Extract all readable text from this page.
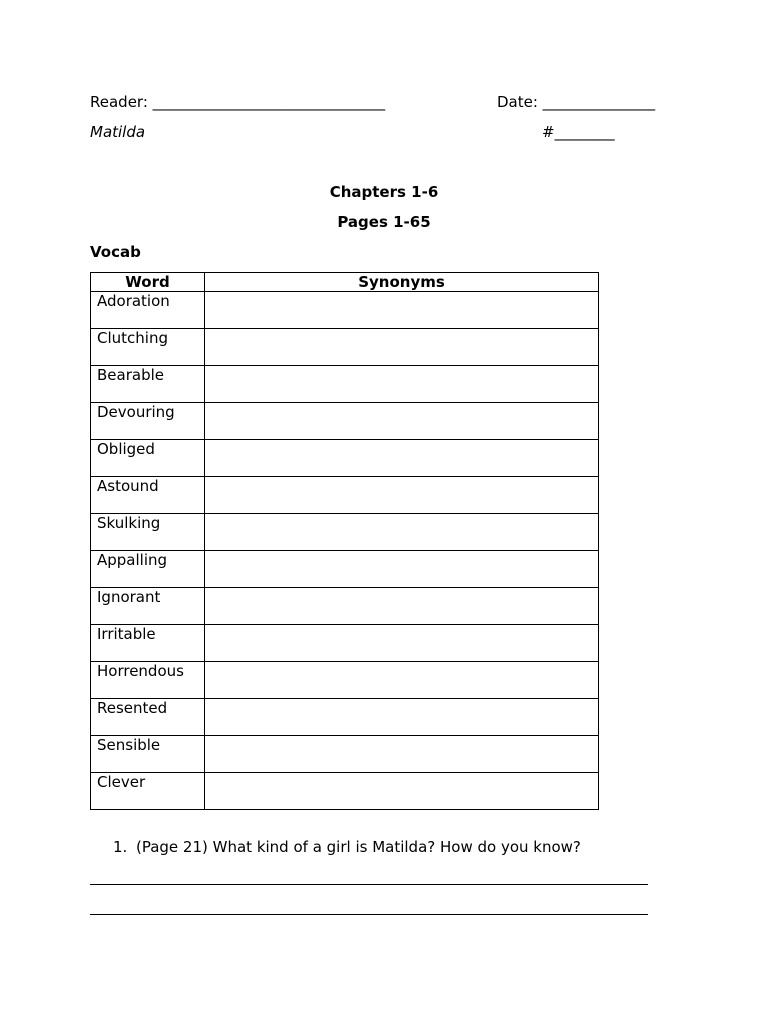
Reader: _______________________________	Date: _______________
Matilda	#________
Chapters 1-6
Pages 1-65
Vocab
Word	Synonyms
Adoration	
Clutching	
Bearable	
Devouring	
Obliged	
Astound	
Skulking	
Appalling	
Ignorant	
Irritable	
Horrendous	
Resented	
Sensible	
Clever	
1. (Page 21) What kind of a girl is Matilda? How do you know?
